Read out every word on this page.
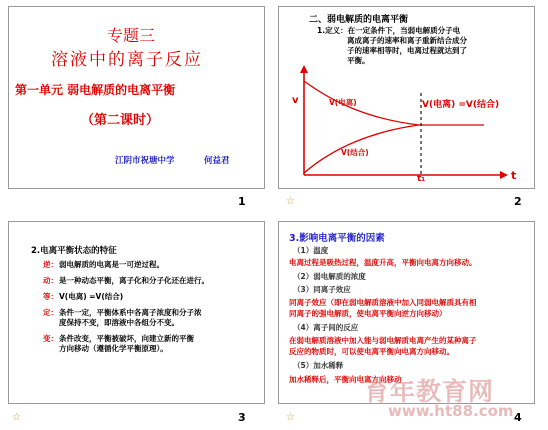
专题三
溶液中的离子反应
第一单元 弱电解质的电离平衡
（第二课时）
江阴市祝塘中学	何益君
1
二、弱电解质的电离平衡
1.定义：在一定条件下，当弱电解质分子电
离成离子的速率和离子重新结合成分
子的速率相等时，电离过程就达到了
平衡。
v
t
t₁
V(电离)
V(结合)
V(电离) =V(结合)
☆	2
2.电离平衡状态的特征
逆： 弱电解质的电离是一可逆过程。
动： 是一种动态平衡，离子化和分子化还在进行。
等： V(电离) =V(结合)
定： 条件一定，平衡体系中各离子浓度和分子浓
度保持不变，即溶液中各组分不变。
变： 条件改变，平衡被破坏，向建立新的平衡
方向移动（遵循化学平衡原理）。
☆	3
3.影响电离平衡的因素
（1）温度
电离过程是吸热过程，温度升高，平衡向电离方向移动。
（2）弱电解质的浓度
（3）同离子效应
同离子效应（即在弱电解质溶液中加入同弱电解质具有相
同离子的强电解质，使电离平衡向逆方向移动）
（4）离子间的反应
在弱电解质溶液中加入能与弱电解质电离产生的某种离子
反应的物质时，可以使电离平衡向电离方向移动。
（5）加水稀释
加水稀释后，平衡向电离方向移动
☆	4
育年教育网
www.ht88.com
